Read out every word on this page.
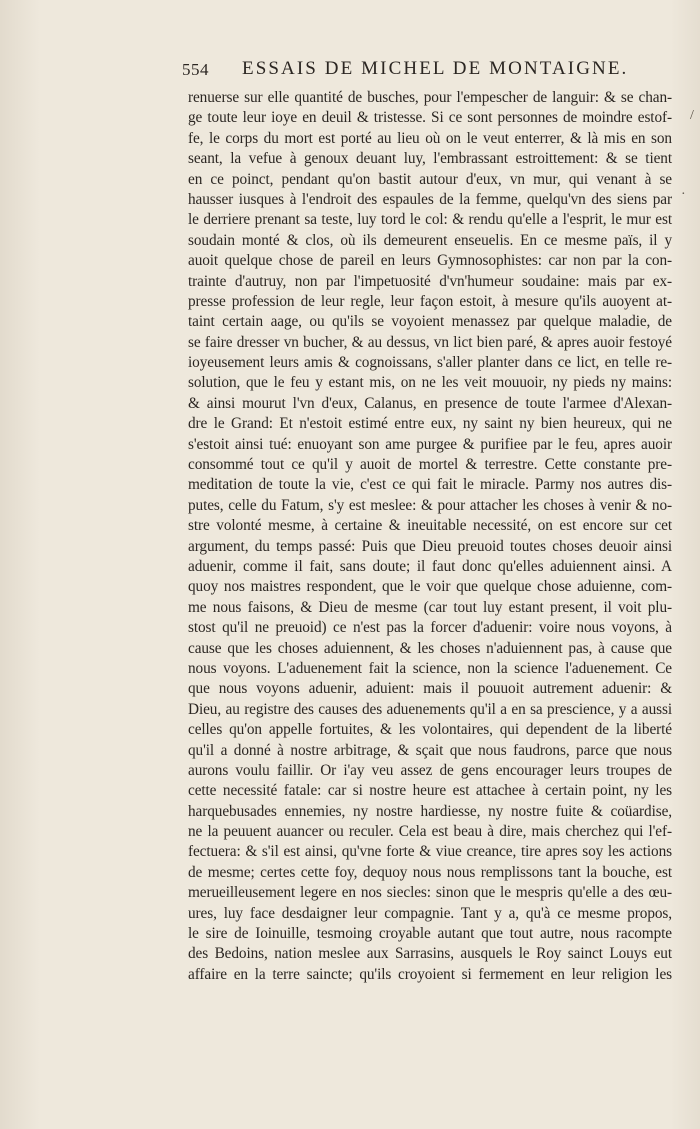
554 ESSAIS DE MICHEL DE MONTAIGNE.
/
·
renuerse sur elle quantité de busches, pour l'empescher de languir: & se chan-
ge toute leur ioye en deuil & tristesse. Si ce sont personnes de moindre estof-
fe, le corps du mort est porté au lieu où on le veut enterrer, & là mis en son
seant, la vefue à genoux deuant luy, l'embrassant estroittement: & se tient
en ce poinct, pendant qu'on bastit autour d'eux, vn mur, qui venant à se
hausser iusques à l'endroit des espaules de la femme, quelqu'vn des siens par
le derriere prenant sa teste, luy tord le col: & rendu qu'elle a l'esprit, le mur est
soudain monté & clos, où ils demeurent enseuelis. En ce mesme païs, il y
auoit quelque chose de pareil en leurs Gymnosophistes: car non par la con-
trainte d'autruy, non par l'impetuosité d'vn'humeur soudaine: mais par ex-
presse profession de leur regle, leur façon estoit, à mesure qu'ils auoyent at-
taint certain aage, ou qu'ils se voyoient menassez par quelque maladie, de
se faire dresser vn bucher, & au dessus, vn lict bien paré, & apres auoir festoyé
ioyeusement leurs amis & cognoissans, s'aller planter dans ce lict, en telle re-
solution, que le feu y estant mis, on ne les veit mouuoir, ny pieds ny mains:
& ainsi mourut l'vn d'eux, Calanus, en presence de toute l'armee d'Alexan-
dre le Grand: Et n'estoit estimé entre eux, ny saint ny bien heureux, qui ne
s'estoit ainsi tué: enuoyant son ame purgee & purifiee par le feu, apres auoir
consommé tout ce qu'il y auoit de mortel & terrestre. Cette constante pre-
meditation de toute la vie, c'est ce qui fait le miracle. Parmy nos autres dis-
putes, celle du Fatum, s'y est meslee: & pour attacher les choses à venir & no-
stre volonté mesme, à certaine & ineuitable necessité, on est encore sur cet
argument, du temps passé: Puis que Dieu preuoid toutes choses deuoir ainsi
aduenir, comme il fait, sans doute; il faut donc qu'elles aduiennent ainsi. A
quoy nos maistres respondent, que le voir que quelque chose aduienne, com-
me nous faisons, & Dieu de mesme (car tout luy estant present, il voit plu-
stost qu'il ne preuoid) ce n'est pas la forcer d'aduenir: voire nous voyons, à
cause que les choses aduiennent, & les choses n'aduiennent pas, à cause que
nous voyons. L'aduenement fait la science, non la science l'aduenement. Ce
que nous voyons aduenir, aduient: mais il pouuoit autrement aduenir: &
Dieu, au registre des causes des aduenements qu'il a en sa prescience, y a aussi
celles qu'on appelle fortuites, & les volontaires, qui dependent de la liberté
qu'il a donné à nostre arbitrage, & sçait que nous faudrons, parce que nous
aurons voulu faillir. Or i'ay veu assez de gens encourager leurs troupes de
cette necessité fatale: car si nostre heure est attachee à certain point, ny les
harquebusades ennemies, ny nostre hardiesse, ny nostre fuite & coüardise,
ne la peuuent auancer ou reculer. Cela est beau à dire, mais cherchez qui l'ef-
fectuera: & s'il est ainsi, qu'vne forte & viue creance, tire apres soy les actions
de mesme; certes cette foy, dequoy nous nous remplissons tant la bouche, est
merueilleusement legere en nos siecles: sinon que le mespris qu'elle a des œu-
ures, luy face desdaigner leur compagnie. Tant y a, qu'à ce mesme propos,
le sire de Ioinuille, tesmoing croyable autant que tout autre, nous racompte
des Bedoins, nation meslee aux Sarrasins, ausquels le Roy sainct Louys eut
affaire en la terre saincte; qu'ils croyoient si fermement en leur religion les
